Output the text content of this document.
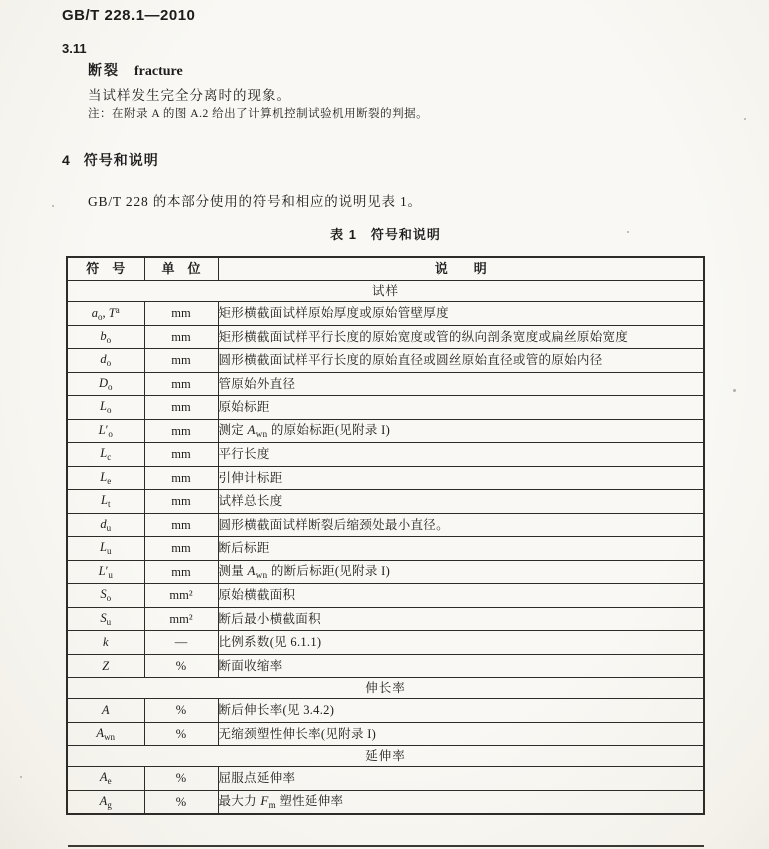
GB/T 228.1—2010
3.11
断裂 fracture
当试样发生完全分离时的现象。
注：在附录 A 的图 A.2 给出了计算机控制试验机用断裂的判据。
4 符号和说明
GB/T 228 的本部分使用的符号和相应的说明见表 1。
表 1　符号和说明
符　号	单　位	说　　明
试样		
$a_o$, $T^a$	mm	矩形横截面试样原始厚度或原始管壁厚度
$b_o$	mm	矩形横截面试样平行长度的原始宽度或管的纵向剖条宽度或扁丝原始宽度
$d_o$	mm	圆形横截面试样平行长度的原始直径或圆丝原始直径或管的原始内径
$D_o$	mm	管原始外直径
$L_o$	mm	原始标距
$L'_o$	mm	测定 $A_{wn}$ 的原始标距(见附录 I)
$L_c$	mm	平行长度
$L_e$	mm	引伸计标距
$L_t$	mm	试样总长度
$d_u$	mm	圆形横截面试样断裂后缩颈处最小直径。
$L_u$	mm	断后标距
$L'_u$	mm	测量 $A_{wn}$ 的断后标距(见附录 I)
$S_o$	mm²	原始横截面积
$S_u$	mm²	断后最小横截面积
k	—	比例系数(见 6.1.1)
Z	%	断面收缩率
伸长率		
A	%	断后伸长率(见 3.4.2)
$A_{wn}$	%	无缩颈塑性伸长率(见附录 I)
延伸率		
$A_e$	%	屈服点延伸率
$A_g$	%	最大力 $F_m$ 塑性延伸率
